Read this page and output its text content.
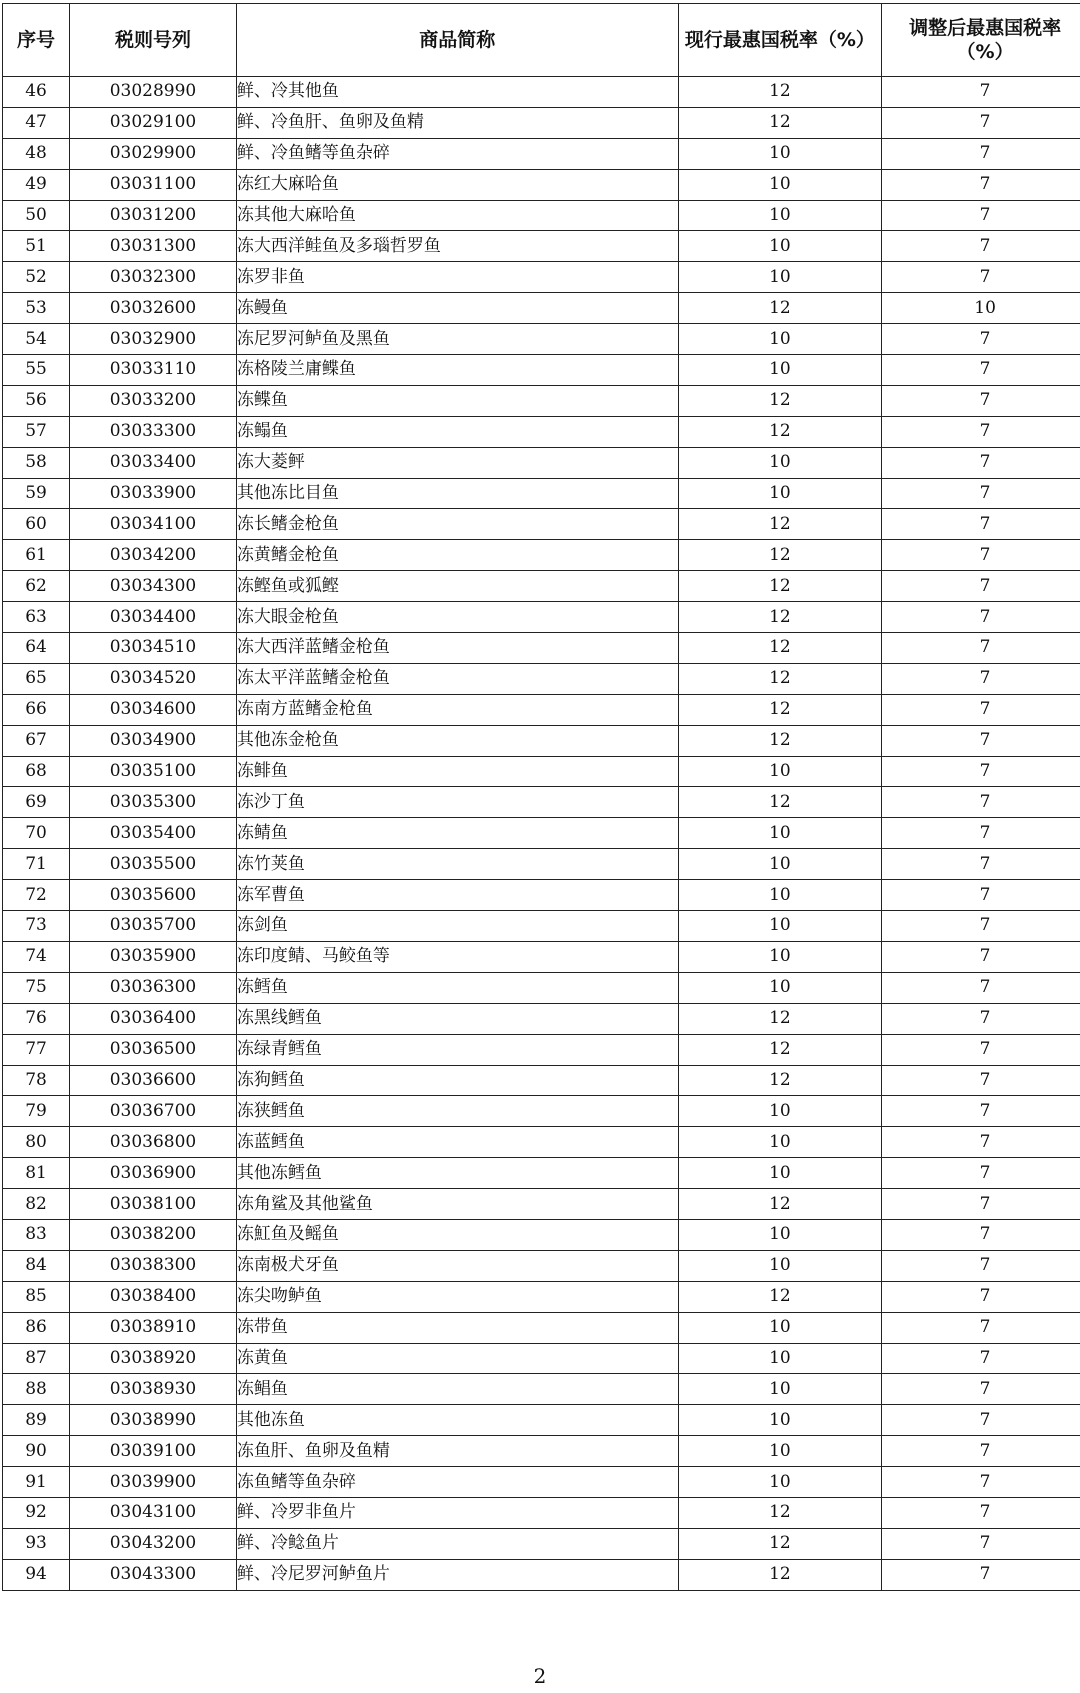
序号	税则号列	商品简称	现行最惠国税率（%）	调整后最惠国税率（%）
46	03028990	鲜、冷其他鱼	12	7
47	03029100	鲜、冷鱼肝、鱼卵及鱼精	12	7
48	03029900	鲜、冷鱼鳍等鱼杂碎	10	7
49	03031100	冻红大麻哈鱼	10	7
50	03031200	冻其他大麻哈鱼	10	7
51	03031300	冻大西洋鲑鱼及多瑙哲罗鱼	10	7
52	03032300	冻罗非鱼	10	7
53	03032600	冻鳗鱼	12	10
54	03032900	冻尼罗河鲈鱼及黑鱼	10	7
55	03033110	冻格陵兰庸鲽鱼	10	7
56	03033200	冻鲽鱼	12	7
57	03033300	冻鳎鱼	12	7
58	03033400	冻大菱鲆	10	7
59	03033900	其他冻比目鱼	10	7
60	03034100	冻长鳍金枪鱼	12	7
61	03034200	冻黄鳍金枪鱼	12	7
62	03034300	冻鲣鱼或狐鲣	12	7
63	03034400	冻大眼金枪鱼	12	7
64	03034510	冻大西洋蓝鳍金枪鱼	12	7
65	03034520	冻太平洋蓝鳍金枪鱼	12	7
66	03034600	冻南方蓝鳍金枪鱼	12	7
67	03034900	其他冻金枪鱼	12	7
68	03035100	冻鲱鱼	10	7
69	03035300	冻沙丁鱼	12	7
70	03035400	冻鲭鱼	10	7
71	03035500	冻竹荚鱼	10	7
72	03035600	冻军曹鱼	10	7
73	03035700	冻剑鱼	10	7
74	03035900	冻印度鲭、马鲛鱼等	10	7
75	03036300	冻鳕鱼	10	7
76	03036400	冻黑线鳕鱼	12	7
77	03036500	冻绿青鳕鱼	12	7
78	03036600	冻狗鳕鱼	12	7
79	03036700	冻狭鳕鱼	10	7
80	03036800	冻蓝鳕鱼	10	7
81	03036900	其他冻鳕鱼	10	7
82	03038100	冻角鲨及其他鲨鱼	12	7
83	03038200	冻魟鱼及鳐鱼	10	7
84	03038300	冻南极犬牙鱼	10	7
85	03038400	冻尖吻鲈鱼	12	7
86	03038910	冻带鱼	10	7
87	03038920	冻黄鱼	10	7
88	03038930	冻鲳鱼	10	7
89	03038990	其他冻鱼	10	7
90	03039100	冻鱼肝、鱼卵及鱼精	10	7
91	03039900	冻鱼鳍等鱼杂碎	10	7
92	03043100	鲜、冷罗非鱼片	12	7
93	03043200	鲜、冷鲶鱼片	12	7
94	03043300	鲜、冷尼罗河鲈鱼片	12	7
2
